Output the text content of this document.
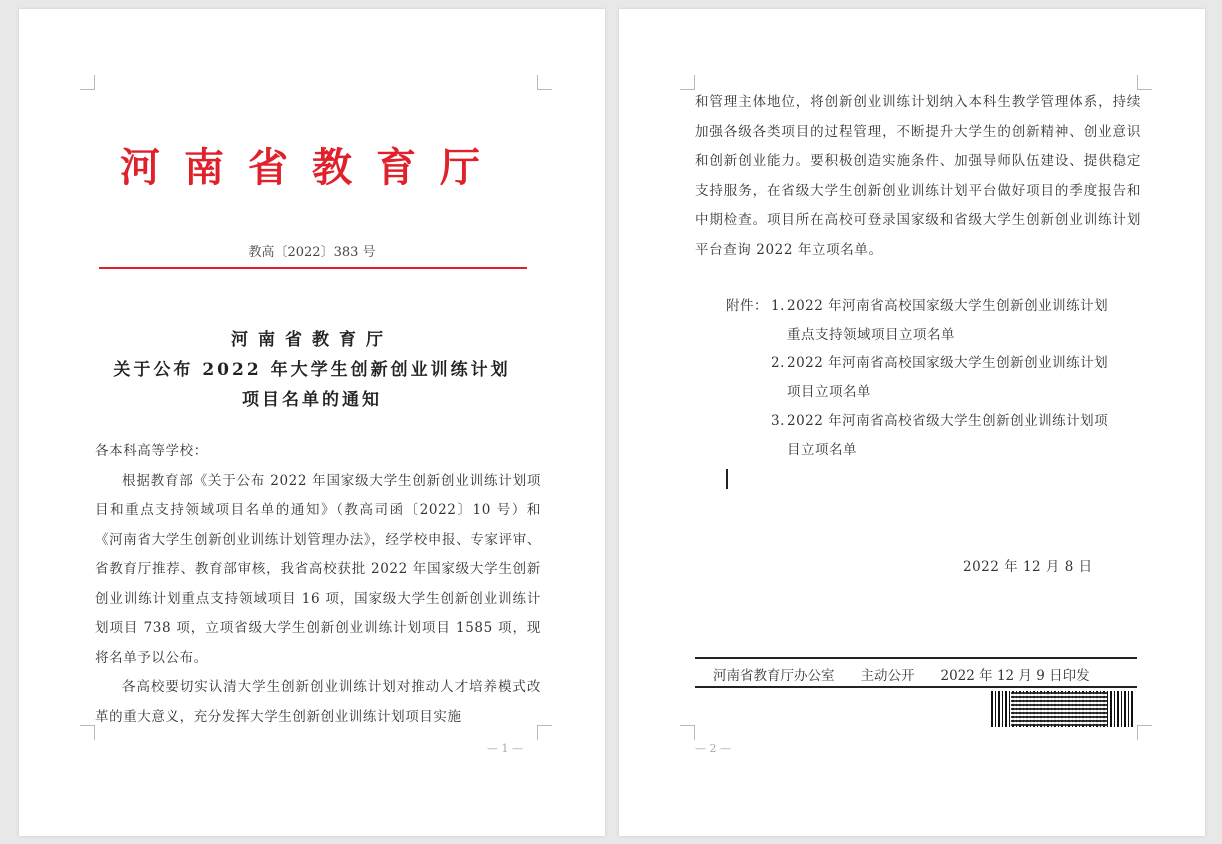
河南省教育厅
教高〔2022〕383 号
河南省教育厅
关于公布 2022 年大学生创新创业训练计划
项目名单的通知

各本科高等学校：

根据教育部《关于公布 2022 年国家级大学生创新创业训练计划项目和重点支持领域项目名单的通知》（教高司函〔2022〕10 号）和《河南省大学生创新创业训练计划管理办法》，经学校申报、专家评审、省教育厅推荐、教育部审核，我省高校获批 2022 年国家级大学生创新创业训练计划重点支持领域项目 16 项，国家级大学生创新创业训练计划项目 738 项，立项省级大学生创新创业训练计划项目 1585 项，现将名单予以公布。

各高校要切实认清大学生创新创业训练计划对推动人才培养模式改革的重大意义，充分发挥大学生创新创业训练计划项目实施

— 1 —

和管理主体地位，将创新创业训练计划纳入本科生教学管理体系，持续加强各级各类项目的过程管理，不断提升大学生的创新精神、创业意识和创新创业能力。要积极创造实施条件、加强导师队伍建设、提供稳定支持服务，在省级大学生创新创业训练计划平台做好项目的季度报告和中期检查。项目所在高校可登录国家级和省级大学生创新创业训练计划平台查询 2022 年立项名单。

附件： 1. 2022 年河南省高校国家级大学生创新创业训练计划
重点支持领域项目立项名单
2. 2022 年河南省高校国家级大学生创新创业训练计划
项目立项名单
3. 2022 年河南省高校省级大学生创新创业训练计划项
目立项名单
2022 年 12 月 8 日
河南省教育厅办公室 主动公开 2022 年 12 月 9 日印发
— 2 —
